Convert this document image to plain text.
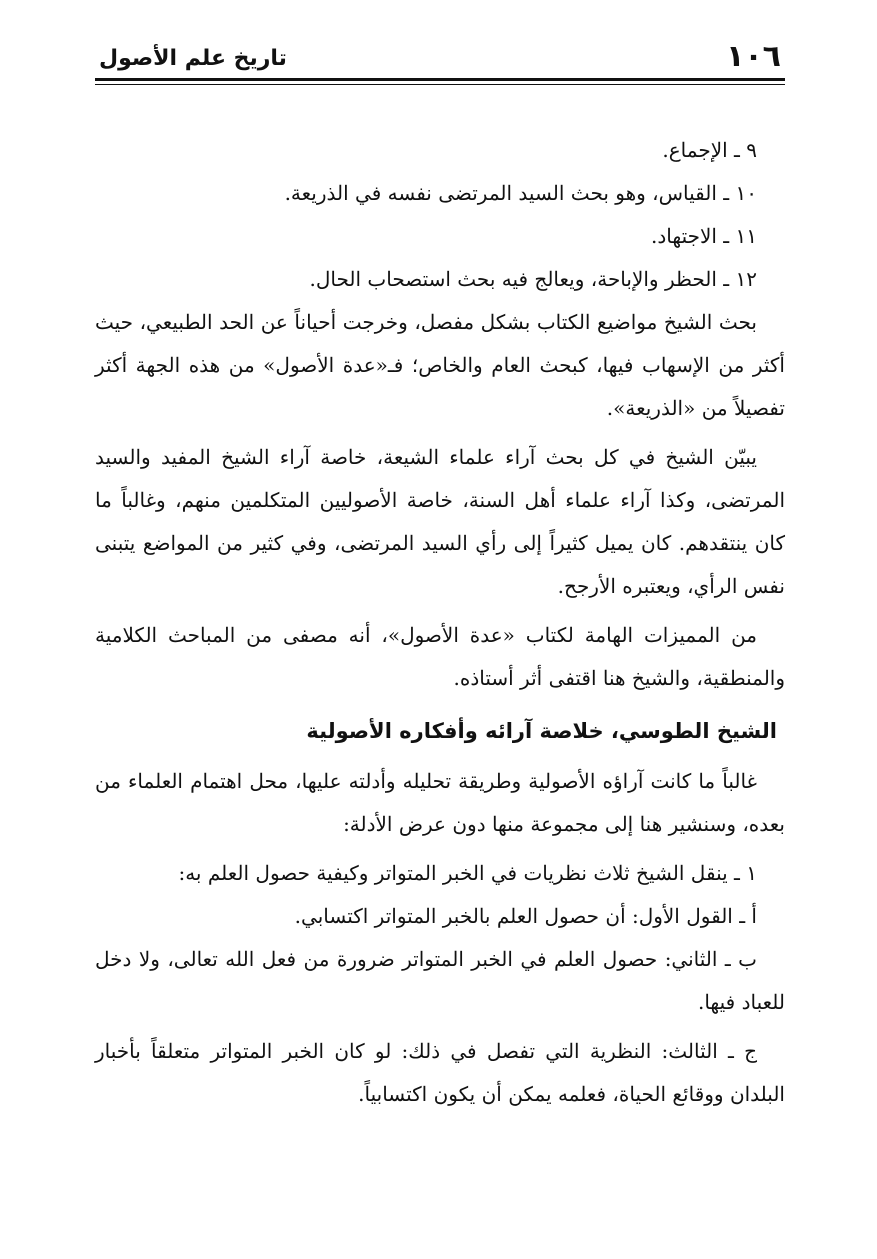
١٠٦
تاريخ علم الأصول

٩ ـ الإجماع.

١٠ ـ القياس، وهو بحث السيد المرتضى نفسه في الذريعة.

١١ ـ الاجتهاد.

١٢ ـ الحظر والإباحة، ويعالج فيه بحث استصحاب الحال.

بحث الشيخ مواضيع الكتاب بشكل مفصل، وخرجت أحياناً عن الحد الطبيعي، حيث أكثر من الإسهاب فيها، كبحث العام والخاص؛ فـ«عدة الأصول» من هذه الجهة أكثر تفصيلاً من «الذريعة».

يبيّن الشيخ في كل بحث آراء علماء الشيعة، خاصة آراء الشيخ المفيد والسيد المرتضى، وكذا آراء علماء أهل السنة، خاصة الأصوليين المتكلمين منهم، وغالباً ما كان ينتقدهم. كان يميل كثيراً إلى رأي السيد المرتضى، وفي كثير من المواضع يتبنى نفس الرأي، ويعتبره الأرجح.

من المميزات الهامة لكتاب «عدة الأصول»، أنه مصفى من المباحث الكلامية والمنطقية، والشيخ هنا اقتفى أثر أستاذه.

الشيخ الطوسي، خلاصة آرائه وأفكاره الأصولية

غالباً ما كانت آراؤه الأصولية وطريقة تحليله وأدلته عليها، محل اهتمام العلماء من بعده، وسنشير هنا إلى مجموعة منها دون عرض الأدلة:

١ ـ ينقل الشيخ ثلاث نظريات في الخبر المتواتر وكيفية حصول العلم به:

أ ـ القول الأول: أن حصول العلم بالخبر المتواتر اكتسابي.

ب ـ الثاني: حصول العلم في الخبر المتواتر ضرورة من فعل الله تعالى، ولا دخل للعباد فيها.

ج ـ الثالث: النظرية التي تفصل في ذلك: لو كان الخبر المتواتر متعلقاً بأخبار البلدان ووقائع الحياة، فعلمه يمكن أن يكون اكتسابياً.
